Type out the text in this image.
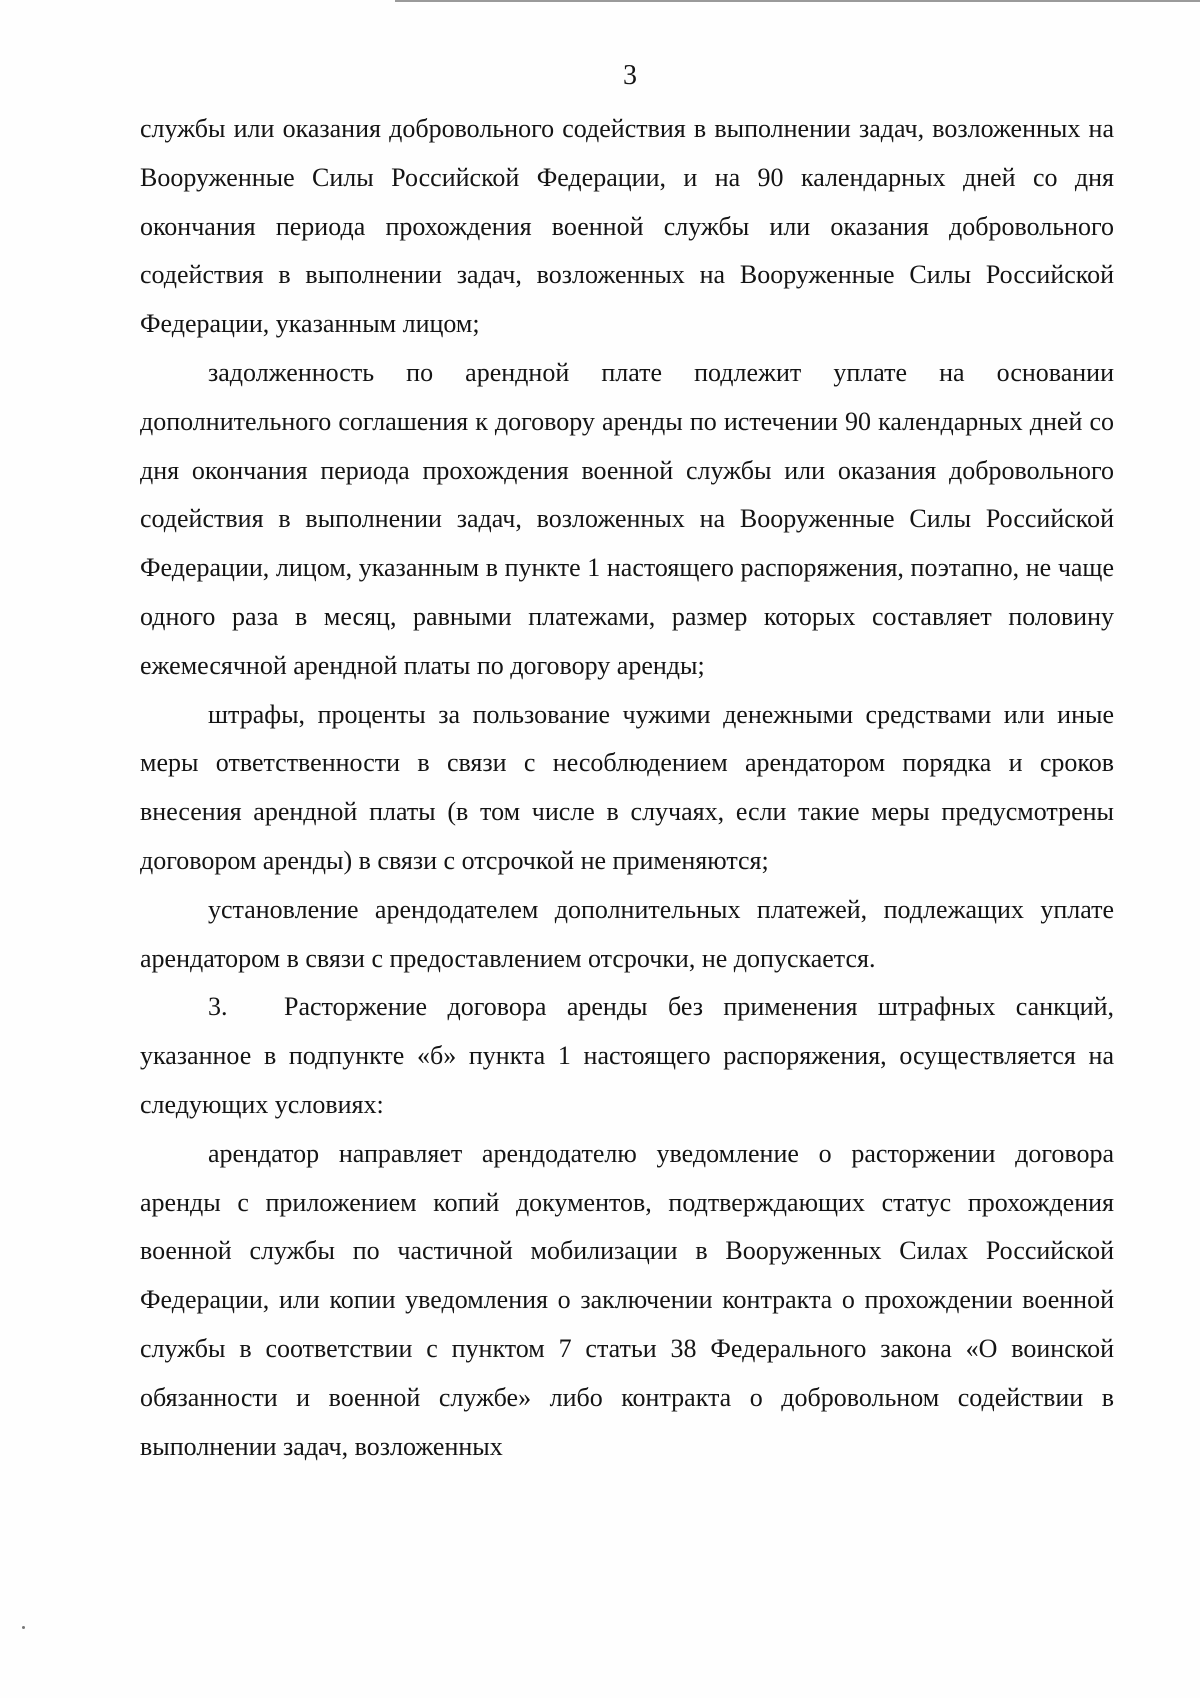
3

службы или оказания добровольного содействия в выполнении задач, возложенных на Вооруженные Силы Российской Федерации, и на 90 календарных дней со дня окончания периода прохождения военной службы или оказания добровольного содействия в выполнении задач, возложенных на Вооруженные Силы Российской Федерации, указанным лицом;

задолженность по арендной плате подлежит уплате на основании дополнительного соглашения к договору аренды по истечении 90 календарных дней со дня окончания периода прохождения военной службы или оказания добровольного содействия в выполнении задач, возложенных на Вооруженные Силы Российской Федерации, лицом, указанным в пункте 1 настоящего распоряжения, поэтапно, не чаще одного раза в месяц, равными платежами, размер которых составляет половину ежемесячной арендной платы по договору аренды;

штрафы, проценты за пользование чужими денежными средствами или иные меры ответственности в связи с несоблюдением арендатором порядка и сроков внесения арендной платы (в том числе в случаях, если такие меры предусмотрены договором аренды) в связи с отсрочкой не применяются;

установление арендодателем дополнительных платежей, подлежащих уплате арендатором в связи с предоставлением отсрочки, не допускается.

3. Расторжение договора аренды без применения штрафных санкций, указанное в подпункте «б» пункта 1 настоящего распоряжения, осуществляется на следующих условиях:

арендатор направляет арендодателю уведомление о расторжении договора аренды с приложением копий документов, подтверждающих статус прохождения военной службы по частичной мобилизации в Вооруженных Силах Российской Федерации, или копии уведомления о заключении контракта о прохождении военной службы в соответствии с пунктом 7 статьи 38 Федерального закона «О воинской обязанности и военной службе» либо контракта о добровольном содействии в выполнении задач, возложенных
